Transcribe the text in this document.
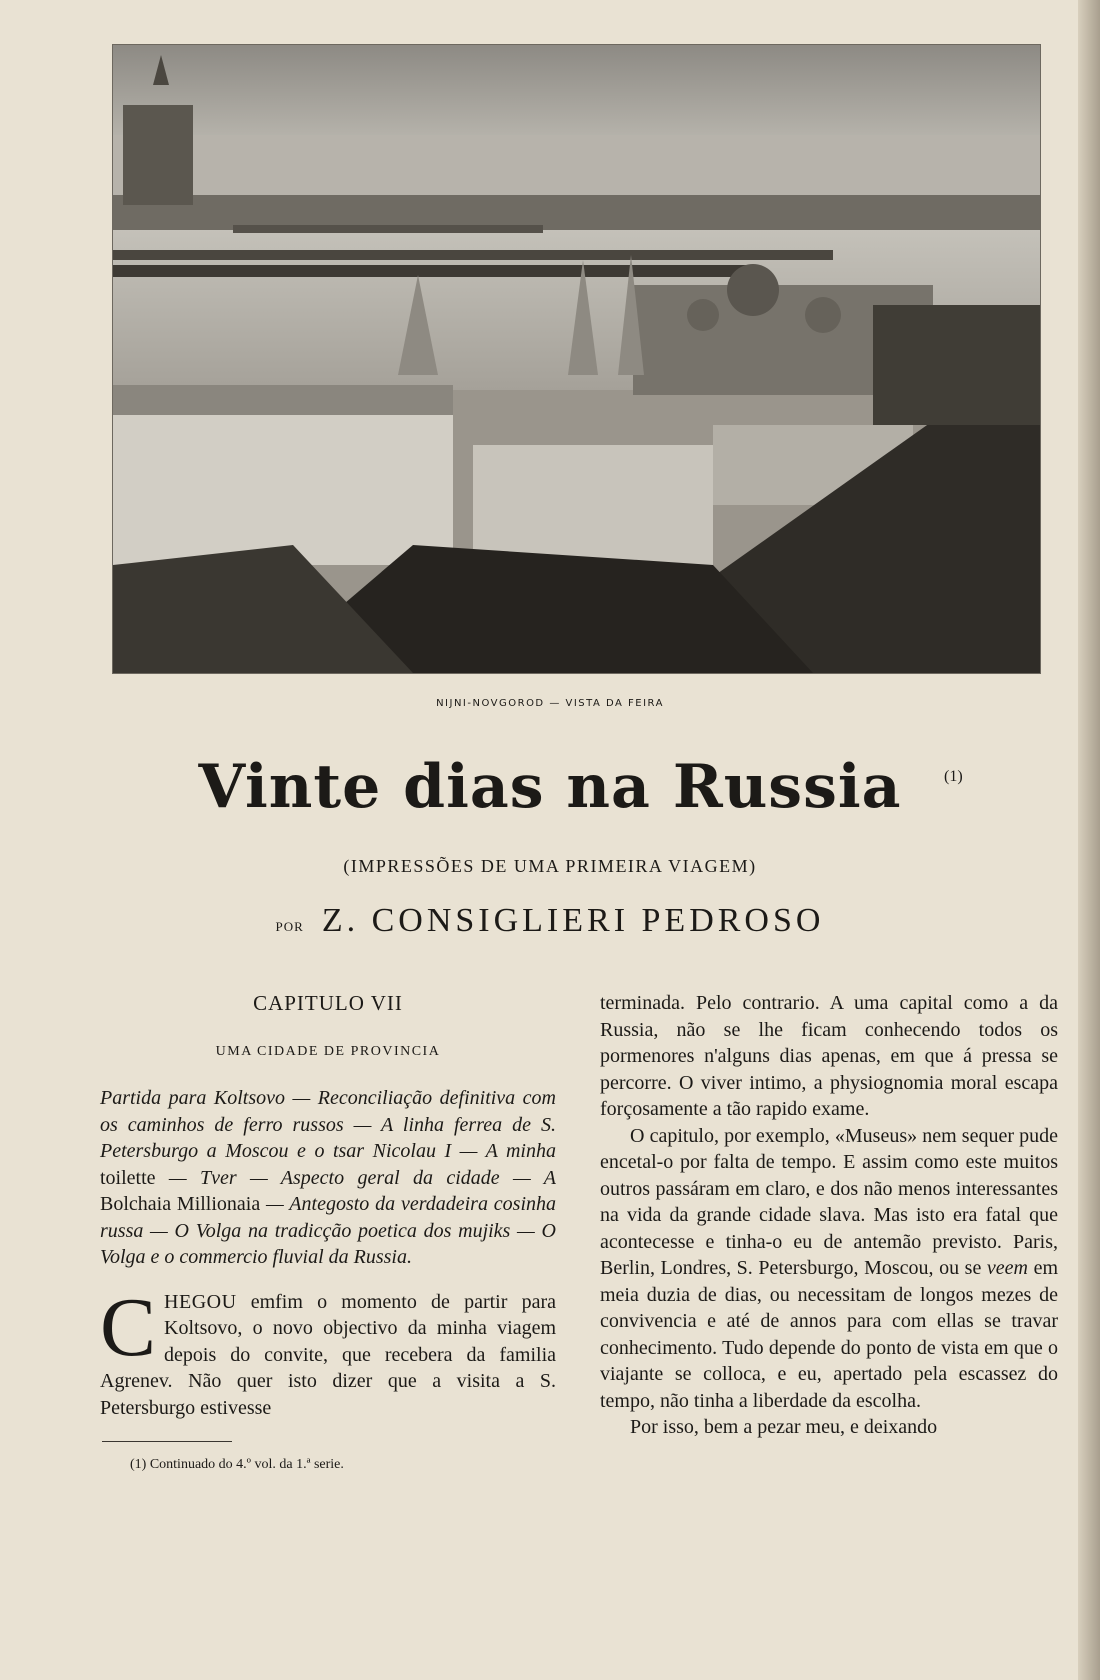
NIJNI-NOVGOROD — VISTA DA FEIRA
Vinte dias na Russia	(1)
(IMPRESSÕES DE UMA PRIMEIRA VIAGEM)
POR Z. CONSIGLIERI PEDROSO
CAPITULO VII
UMA CIDADE DE PROVINCIA

Partida para Koltsovo — Reconciliação definitiva com os caminhos de ferro russos — A linha ferrea de S. Petersburgo a Moscou e o tsar Nicolau I — A minha toilette — Tver — Aspecto geral da cidade — A Bolchaia Millionaia — Antegosto da verdadeira cosinha russa — O Volga na tradicção poetica dos mujiks — O Volga e o commercio fluvial da Russia.

CHEGOU emfim o momento de partir para Koltsovo, o novo objectivo da minha viagem depois do convite, que recebera da familia Agrenev. Não quer isto dizer que a visita a S. Petersburgo estivesse

(1) Continuado do 4.º vol. da 1.ª serie.

terminada. Pelo contrario. A uma capital como a da Russia, não se lhe ficam conhecendo todos os pormenores n'alguns dias apenas, em que á pressa se percorre. O viver intimo, a physiognomia moral escapa forçosamente a tão rapido exame.

O capitulo, por exemplo, «Museus» nem sequer pude encetal-o por falta de tempo. E assim como este muitos outros passáram em claro, e dos não menos interessantes na vida da grande cidade slava. Mas isto era fatal que acontecesse e tinha-o eu de antemão previsto. Paris, Berlin, Londres, S. Petersburgo, Moscou, ou se veem em meia duzia de dias, ou necessitam de longos mezes de convivencia e até de annos para com ellas se travar conhecimento. Tudo depende do ponto de vista em que o viajante se colloca, e eu, apertado pela escassez do tempo, não tinha a liberdade da escolha.

Por isso, bem a pezar meu, e deixando
